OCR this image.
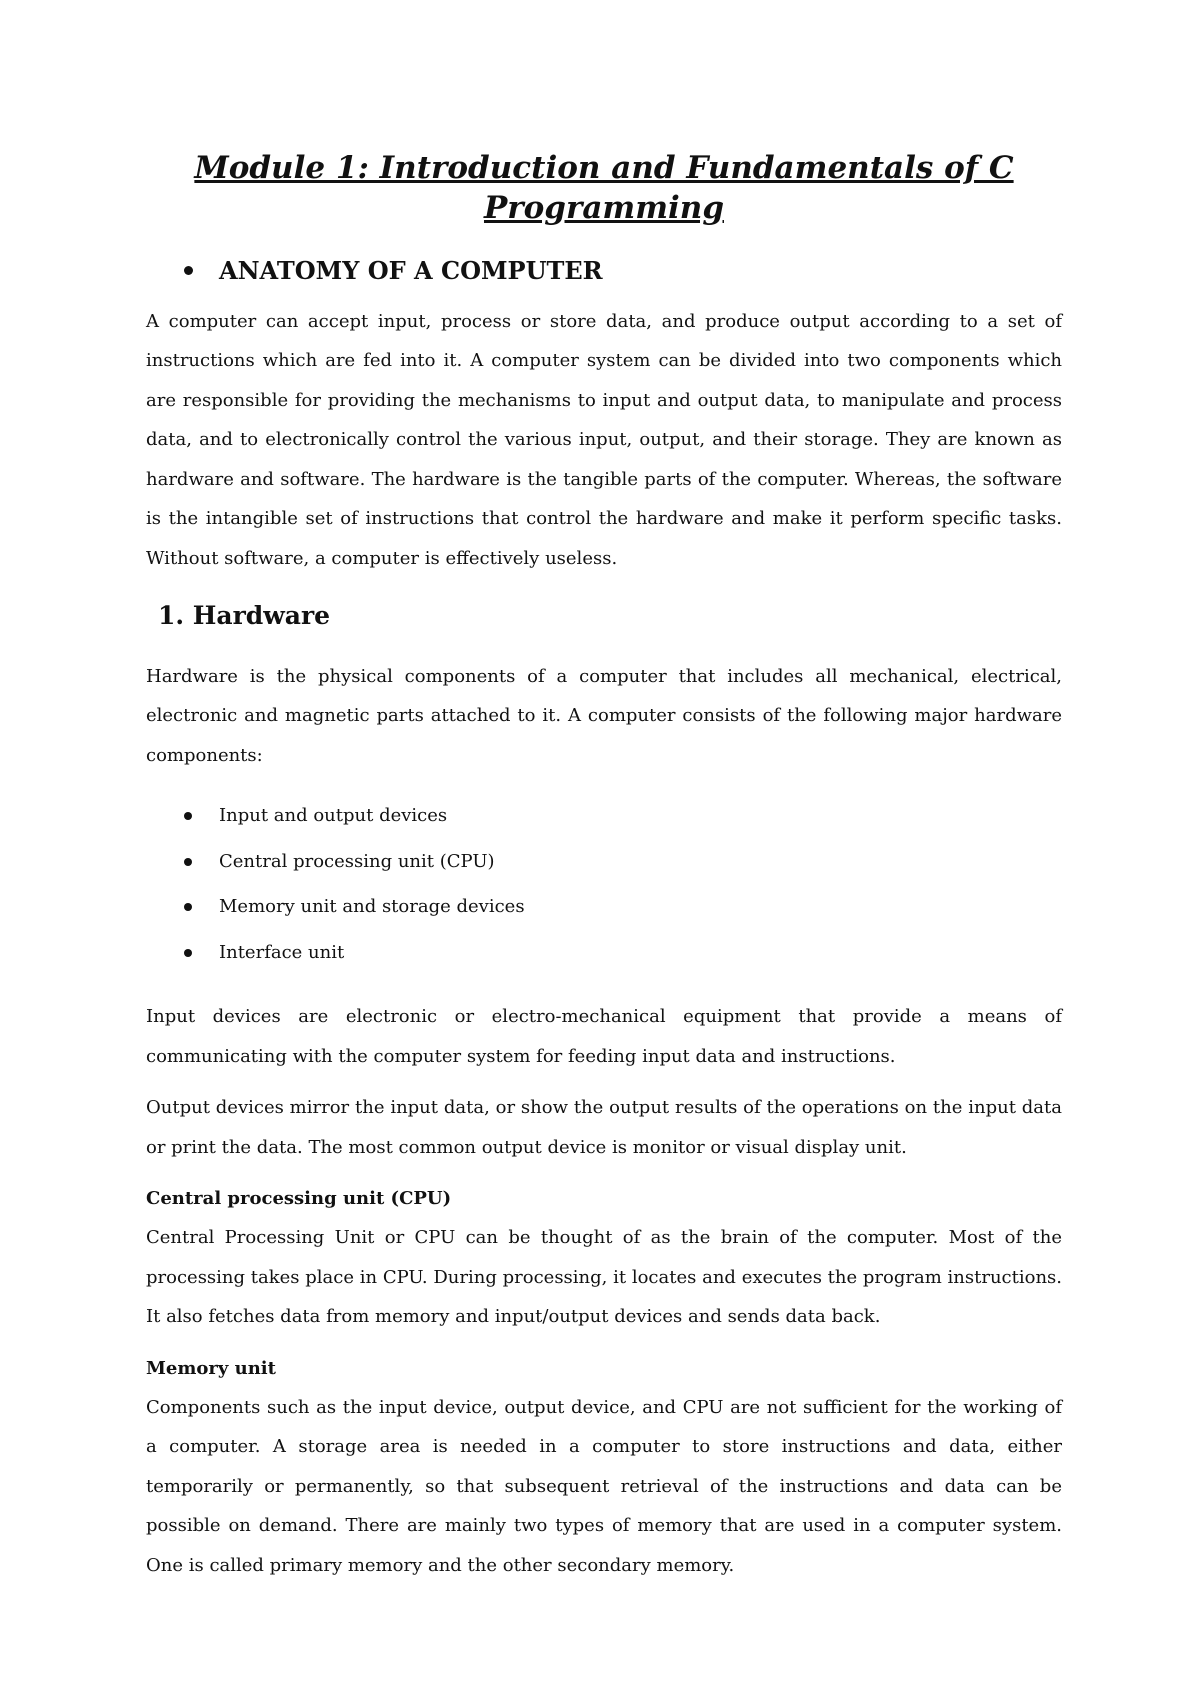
Module 1: Introduction and Fundamentals of C Programming
ANATOMY OF A COMPUTER

A computer can accept input, process or store data, and produce output according to a set of instructions which are fed into it. A computer system can be divided into two components which are responsible for providing the mechanisms to input and output data, to manipulate and process data, and to electronically control the various input, output, and their storage. They are known as hardware and software. The hardware is the tangible parts of the computer. Whereas, the software is the intangible set of instructions that control the hardware and make it perform specific tasks. Without software, a computer is effectively useless.

1. Hardware

Hardware is the physical components of a computer that includes all mechanical, electrical, electronic and magnetic parts attached to it. A computer consists of the following major hardware components:

Input and output devices
Central processing unit (CPU)
Memory unit and storage devices
Interface unit

Input devices are electronic or electro-mechanical equipment that provide a means of communicating with the computer system for feeding input data and instructions.

Output devices mirror the input data, or show the output results of the operations on the input data or print the data. The most common output device is monitor or visual display unit.

Central processing unit (CPU)

Central Processing Unit or CPU can be thought of as the brain of the computer. Most of the processing takes place in CPU. During processing, it locates and executes the program instructions. It also fetches data from memory and input/output devices and sends data back.

Memory unit

Components such as the input device, output device, and CPU are not sufficient for the working of a computer. A storage area is needed in a computer to store instructions and data, either temporarily or permanently, so that subsequent retrieval of the instructions and data can be possible on demand. There are mainly two types of memory that are used in a computer system. One is called primary memory and the other secondary memory.
